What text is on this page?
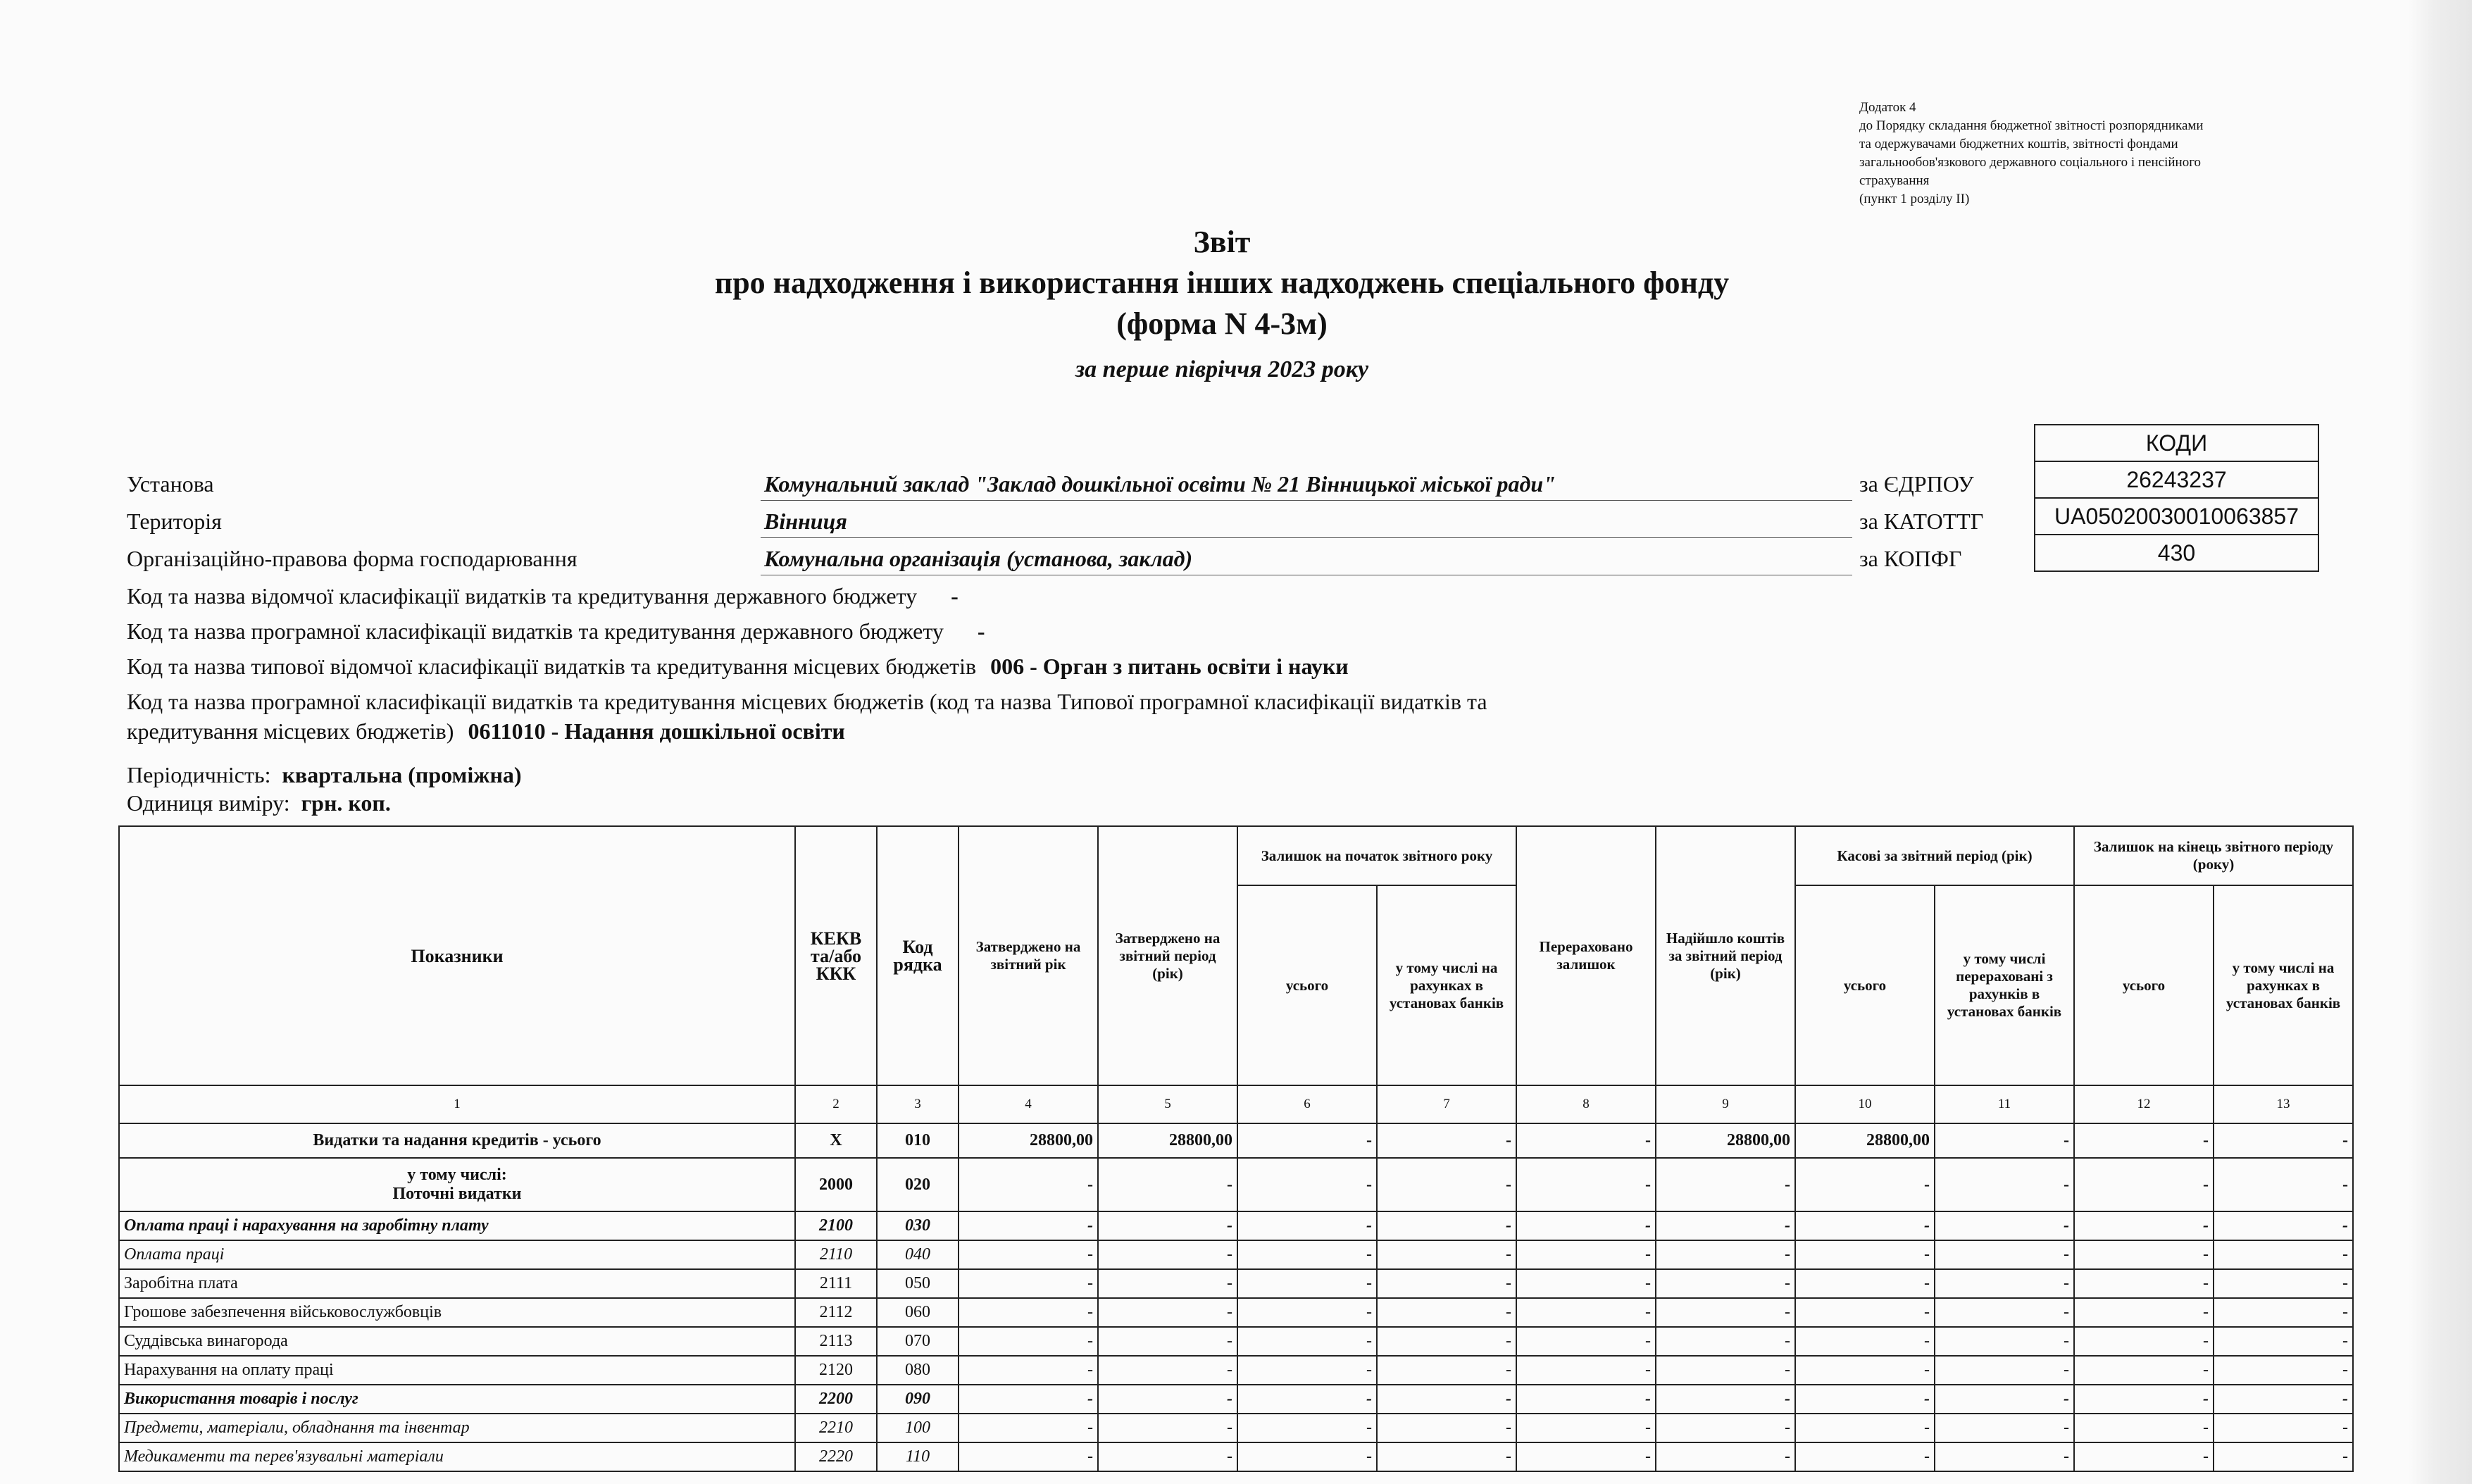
Додаток 4
до Порядку складання бюджетної звітності розпорядниками
та одержувачами бюджетних коштів, звітності фондами
загальнообов'язкового державного соціального і пенсійного
страхування
(пункт 1 розділу ІІ)
Звіт
про надходження і використання інших надходжень спеціального фонду
(форма N 4-3м)
за перше півріччя 2023 року
КОДИ
26243237
UA05020030010063857
430
Установа	Комунальний заклад "Заклад дошкільної освіти № 21 Вінницької міської ради"	за ЄДРПОУ
Територія	Вінниця	за КАТОТТГ
Організаційно-правова форма господарювання	Комунальна організація (установа, заклад)	за КОПФГ
Код та назва відомчої класифікації видатків та кредитування державного бюджету -
Код та назва програмної класифікації видатків та кредитування державного бюджету -
Код та назва типової відомчої класифікації видатків та кредитування місцевих бюджетів 006 - Орган з питань освіти і науки
Код та назва програмної класифікації видатків та кредитування місцевих бюджетів (код та назва Типової програмної класифікації видатків та
кредитування місцевих бюджетів) 0611010 - Надання дошкільної освіти
Періодичність: квартальна (проміжна)
Одиниця виміру: грн. коп.
Показники	КЕКВ та/або ККК	Код рядка	Затверджено на звітний рік	Затверджено на звітний період (рік)	Залишок на початок звітного року		Перераховано залишок	Надійшло коштів за звітний період (рік)	Касові за звітний період (рік)		Залишок на кінець звітного періоду (року)	
					усього	у тому числі на рахунках в установах банків			усього	у тому числі перераховані з рахунків в установах банків	усього	у тому числі на рахунках в установах банків
1	2	3	4	5	6	7	8	9	10	11	12	13
Видатки та надання кредитів - усього	X	010	28800,00	28800,00	-	-	-	28800,00	28800,00	-	-	-

у тому числі:
Поточні видатки	2000	020	-	-	-	-	-	-	-	-	-	-
Оплата праці і нарахування на заробітну плату	2100	030	-	-	-	-	-	-	-	-	-	-
Оплата праці	2110	040	-	-	-	-	-	-	-	-	-	-
Заробітна плата	2111	050	-	-	-	-	-	-	-	-	-	-
Грошове забезпечення військовослужбовців	2112	060	-	-	-	-	-	-	-	-	-	-
Суддівська винагорода	2113	070	-	-	-	-	-	-	-	-	-	-
Нарахування на оплату праці	2120	080	-	-	-	-	-	-	-	-	-	-
Використання товарів і послуг	2200	090	-	-	-	-	-	-	-	-	-	-
Предмети, матеріали, обладнання та інвентар	2210	100	-	-	-	-	-	-	-	-	-	-
Медикаменти та перев'язувальні матеріали	2220	110	-	-	-	-	-	-	-	-	-	-
